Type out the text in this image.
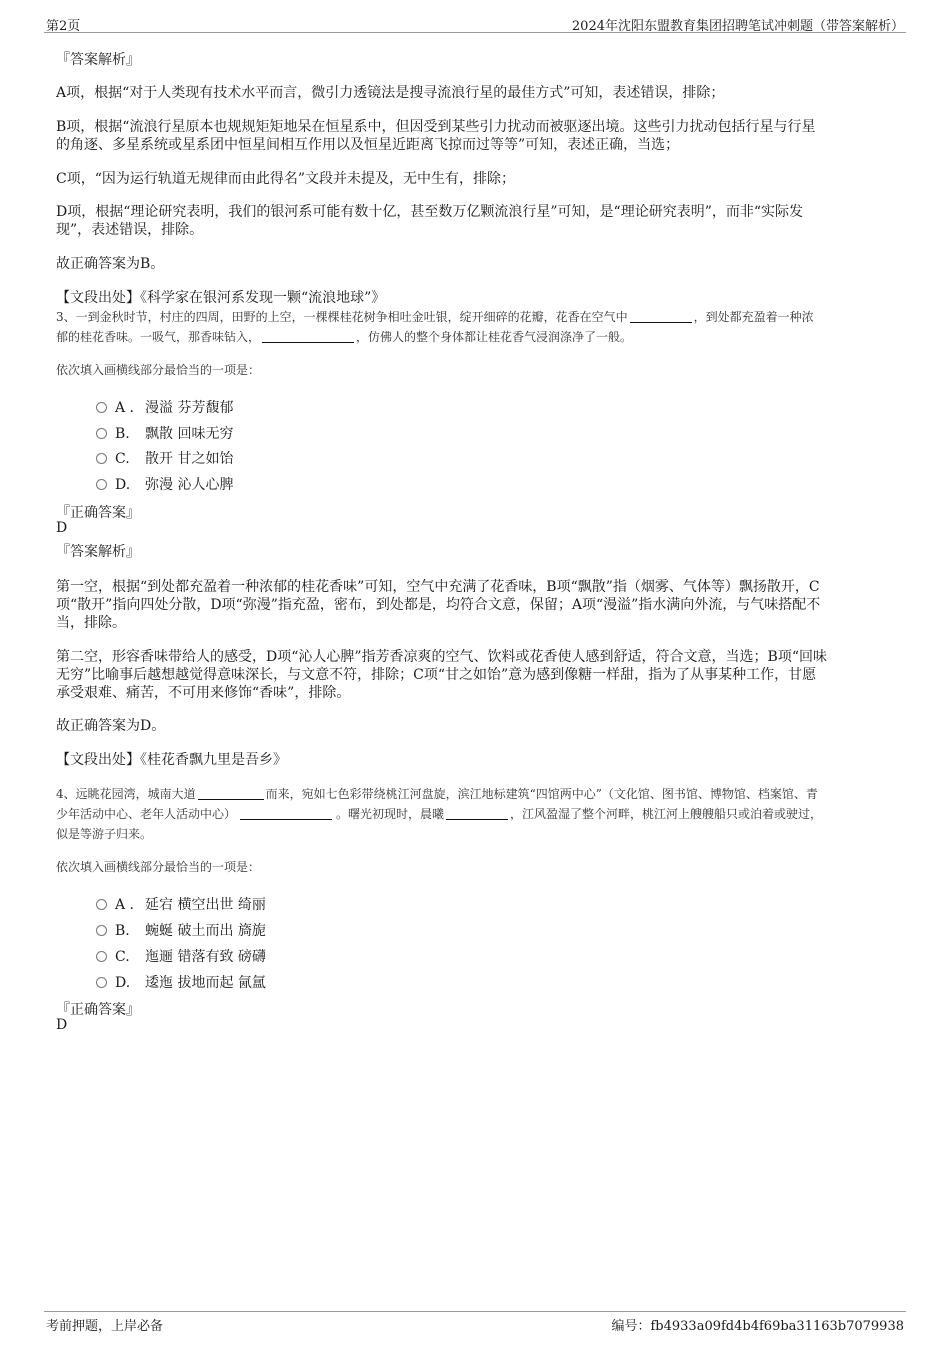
第2页	2024年沈阳东盟教育集团招聘笔试冲刺题（带答案解析）
『答案解析』
A项，根据“对于人类现有技术水平而言，微引力透镜法是搜寻流浪行星的最佳方式”可知，表述错误，排除；
B项，根据“流浪行星原本也规规矩矩地呆在恒星系中，但因受到某些引力扰动而被驱逐出境。这些引力扰动包括行星与行星
的角逐、多星系统或星系团中恒星间相互作用以及恒星近距离飞掠而过等等”可知，表述正确，当选；
C项，“因为运行轨道无规律而由此得名”文段并未提及，无中生有，排除；
D项，根据“理论研究表明，我们的银河系可能有数十亿，甚至数万亿颗流浪行星”可知，是“理论研究表明”，而非“实际发
现”，表述错误，排除。
故正确答案为B。
【文段出处】《科学家在银河系发现一颗“流浪地球”》
3、一到金秋时节，村庄的四周，田野的上空，一棵棵桂花树争相吐金吐银，绽开细碎的花瓣，花香在空气中	，到处都充盈着一种浓
郁的桂花香味。一吸气，那香味钻入，	，仿佛人的整个身体都让桂花香气浸润涤净了一般。
依次填入画横线部分最恰当的一项是：
A . 漫溢 芬芳馥郁
B. 飘散 回味无穷
C. 散开 甘之如饴
D. 弥漫 沁人心脾
『正确答案』
D
『答案解析』
第一空，根据“到处都充盈着一种浓郁的桂花香味”可知，空气中充满了花香味，B项“飘散”指（烟雾、气体等）飘扬散开，C
项“散开”指向四处分散，D项“弥漫”指充盈，密布，到处都是，均符合文意，保留；A项“漫溢”指水满向外流，与气味搭配不
当，排除。
第二空，形容香味带给人的感受，D项“沁人心脾”指芳香凉爽的空气、饮料或花香使人感到舒适，符合文意，当选；B项“回味
无穷”比喻事后越想越觉得意味深长，与文意不符，排除；C项“甘之如饴”意为感到像糖一样甜，指为了从事某种工作，甘愿
承受艰难、痛苦，不可用来修饰“香味”，排除。
故正确答案为D。
【文段出处】《桂花香飘九里是吾乡》
4、远眺花园湾，城南大道	而来，宛如七色彩带绕桃江河盘旋，滨江地标建筑“四馆两中心”（文化馆、图书馆、博物馆、档案馆、青
少年活动中心、老年人活动中心）	。曙光初现时，晨曦	，江风盈湿了整个河畔，桃江河上艘艘船只或泊着或驶过，
似是等游子归来。
依次填入画横线部分最恰当的一项是：
A . 延宕 横空出世 绮丽
B. 蜿蜒 破土而出 旖旎
C. 迤逦 错落有致 磅礴
D. 逶迤 拔地而起 氤氲
『正确答案』
D
考前押题，上岸必备	编号：fb4933a09fd4b4f69ba31163b7079938
